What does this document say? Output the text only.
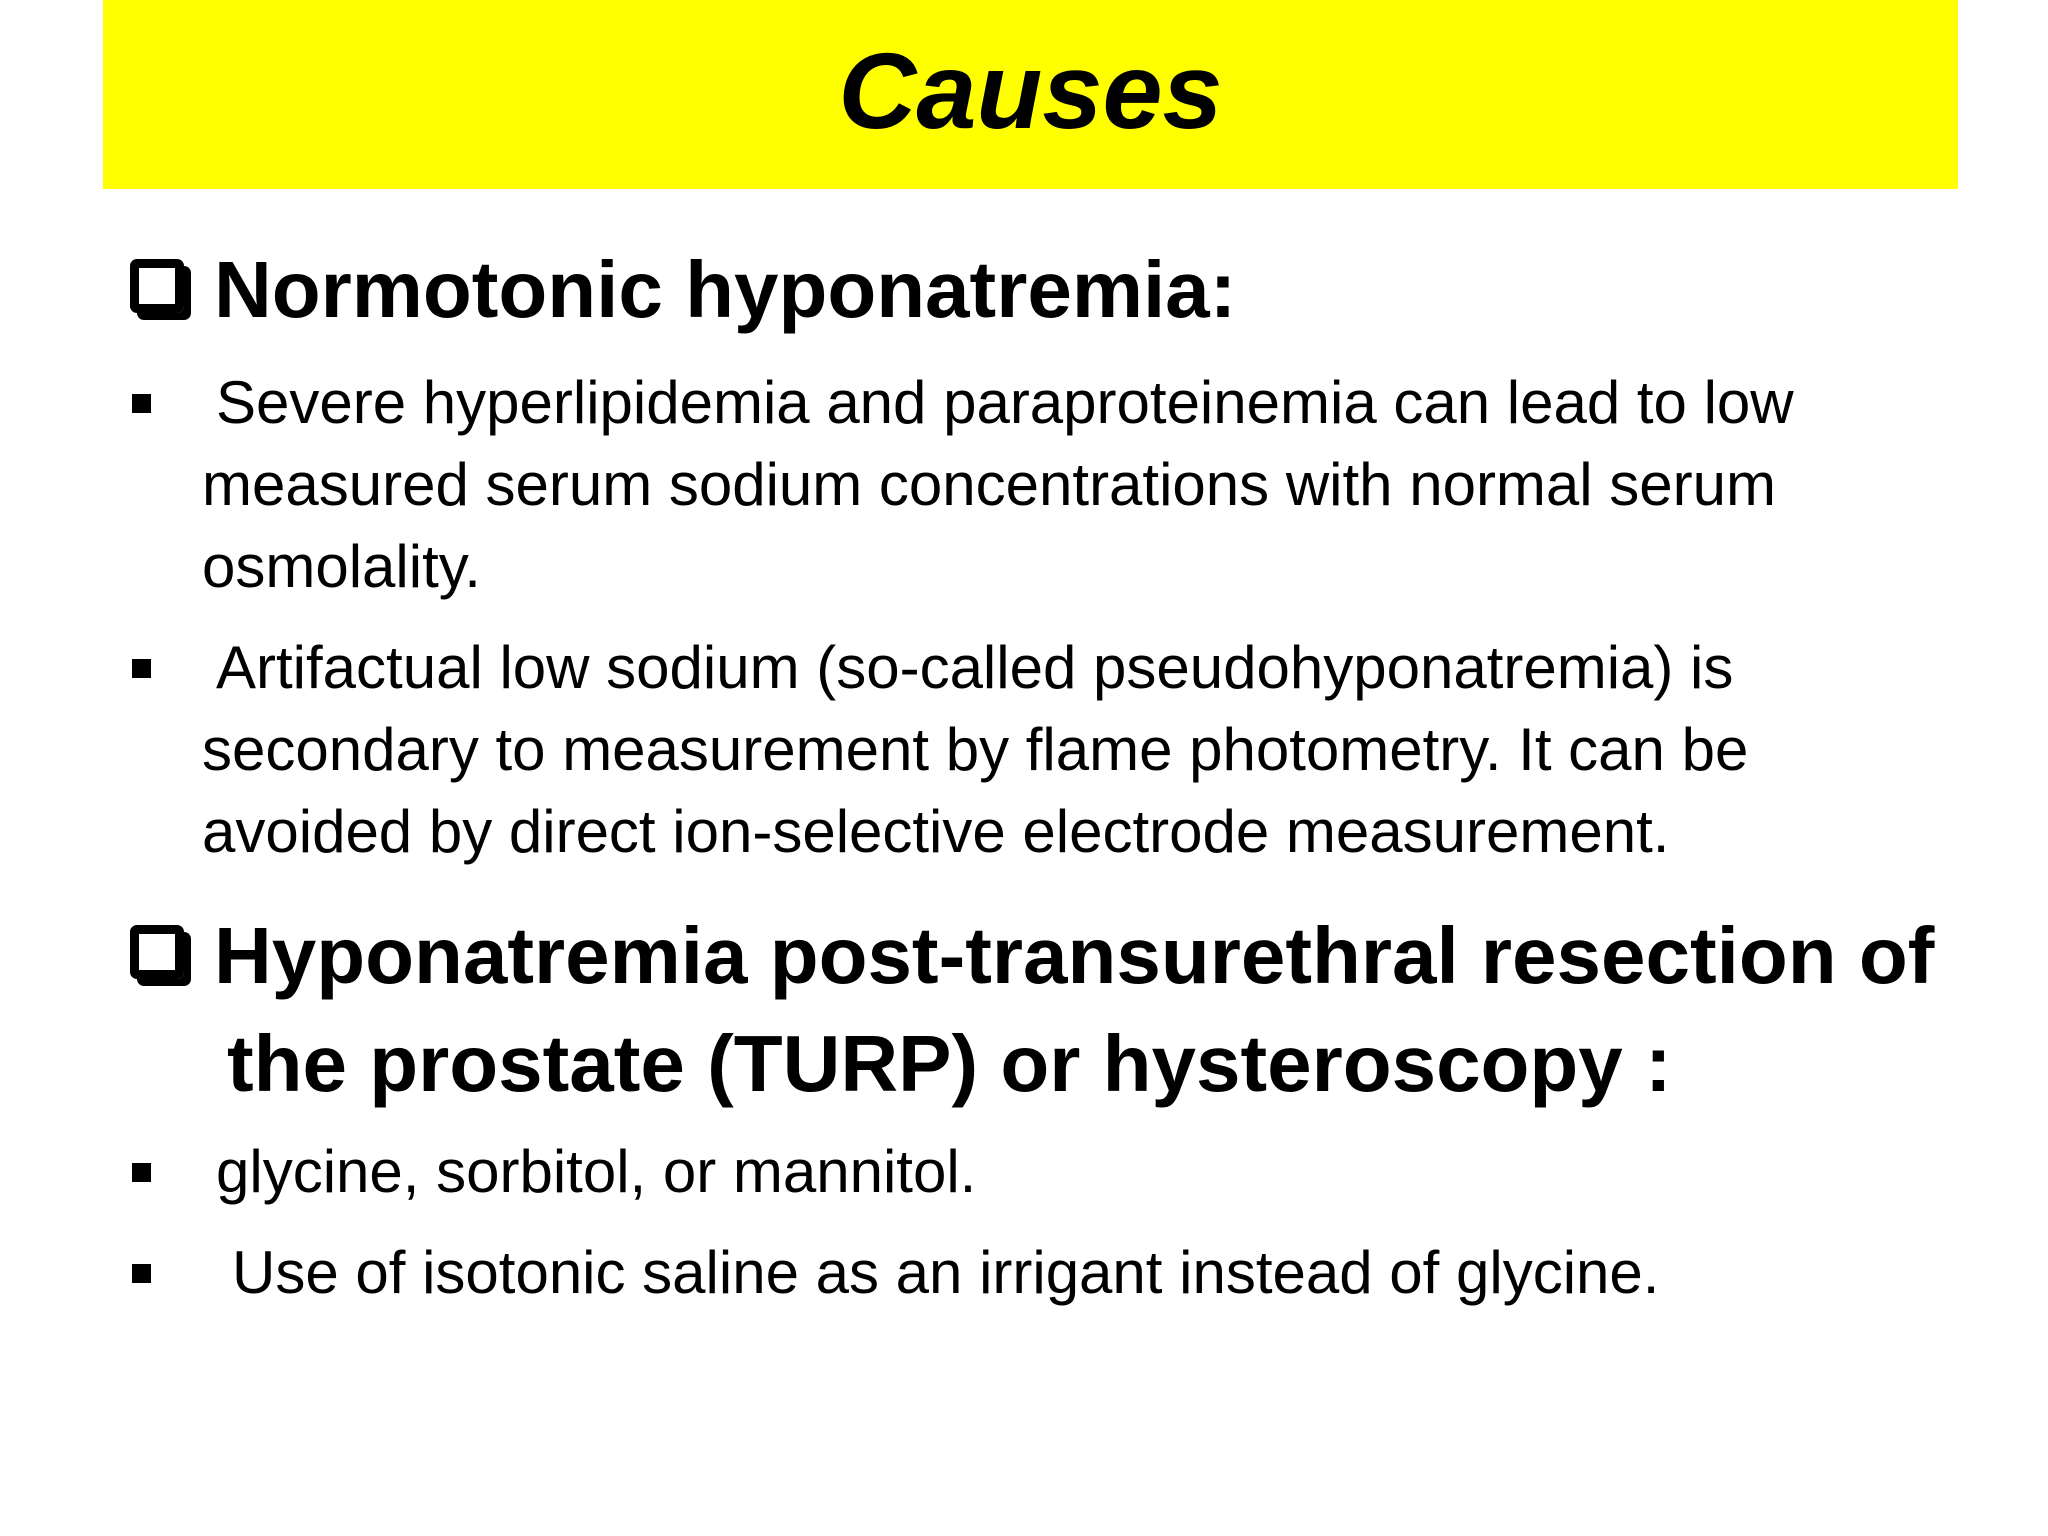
Causes
Normotonic hyponatremia:
Severe hyperlipidemia and paraproteinemia can lead to low measured serum sodium concentrations with normal serum osmolality.
Artifactual low sodium (so-called pseudohyponatremia) is secondary to measurement by flame photometry. It can be avoided by direct ion-selective electrode measurement.
Hyponatremia post-transurethral resection of the prostate (TURP) or hysteroscopy :
glycine, sorbitol, or mannitol.
Use of isotonic saline as an irrigant instead of glycine.
